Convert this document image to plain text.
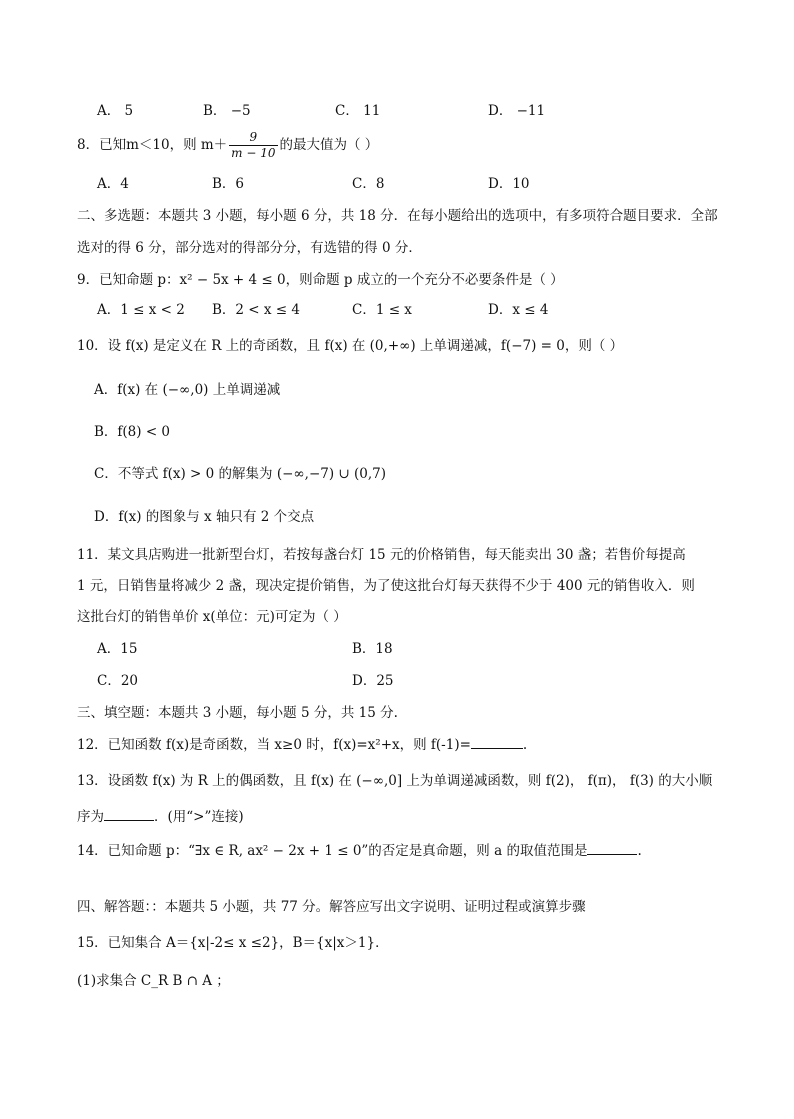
A． 5	B． −5	C． 11	D． −11
8．已知m＜10，则 $m+ \frac{9}{m - 10}$ 的最大值为（ ）
A．4	B．6	C．8	D．10
二、多选题：本题共 3 小题，每小题 6 分，共 18 分．在每小题给出的选项中，有多项符合题目要求．全部
选对的得 6 分，部分选对的得部分分，有选错的得 0 分．
9．已知命题 p：x² − 5x + 4 ≤ 0，则命题 p 成立的一个充分不必要条件是（ ）
A．1 ≤ x < 2 B．2 < x ≤ 4	C．1 ≤ x	D．x ≤ 4
10．设 f(x) 是定义在 R 上的奇函数，且 f(x) 在 (0,+∞) 上单调递减，f(−7) = 0，则（ ）
A．f(x) 在 (−∞,0) 上单调递减
B．f(8) < 0
C．不等式 f(x) > 0 的解集为 (−∞,−7) ∪ (0,7)
D．f(x) 的图象与 x 轴只有 2 个交点
11．某文具店购进一批新型台灯，若按每盏台灯 15 元的价格销售，每天能卖出 30 盏；若售价每提高
1 元，日销售量将减少 2 盏，现决定提价销售，为了使这批台灯每天获得不少于 400 元的销售收入．则
这批台灯的销售单价 x(单位：元)可定为（ ）
A．15	B．18
C．20	D．25
三、填空题：本题共 3 小题，每小题 5 分，共 15 分.
12．已知函数 f(x)是奇函数，当 x≥0 时，f(x)=x²+x，则 f(-1)=	.
13．设函数 f(x) 为 R 上的偶函数，且 f(x) 在 (−∞,0] 上为单调递减函数，则 f(2)， f(π)， f(3) 的大小顺
序为	．(用“>”连接)
14．已知命题 p：“∃x ∈ R, ax² − 2x + 1 ≤ 0”的否定是真命题，则 a 的取值范围是	.
四、解答题：：本题共 5 小题，共 77 分。解答应写出文字说明、证明过程或演算步骤
15．已知集合 A＝{x|-2≤ x ≤2}，B＝{x|x＞1}．
(1)求集合 C_R B ∩ A ；
